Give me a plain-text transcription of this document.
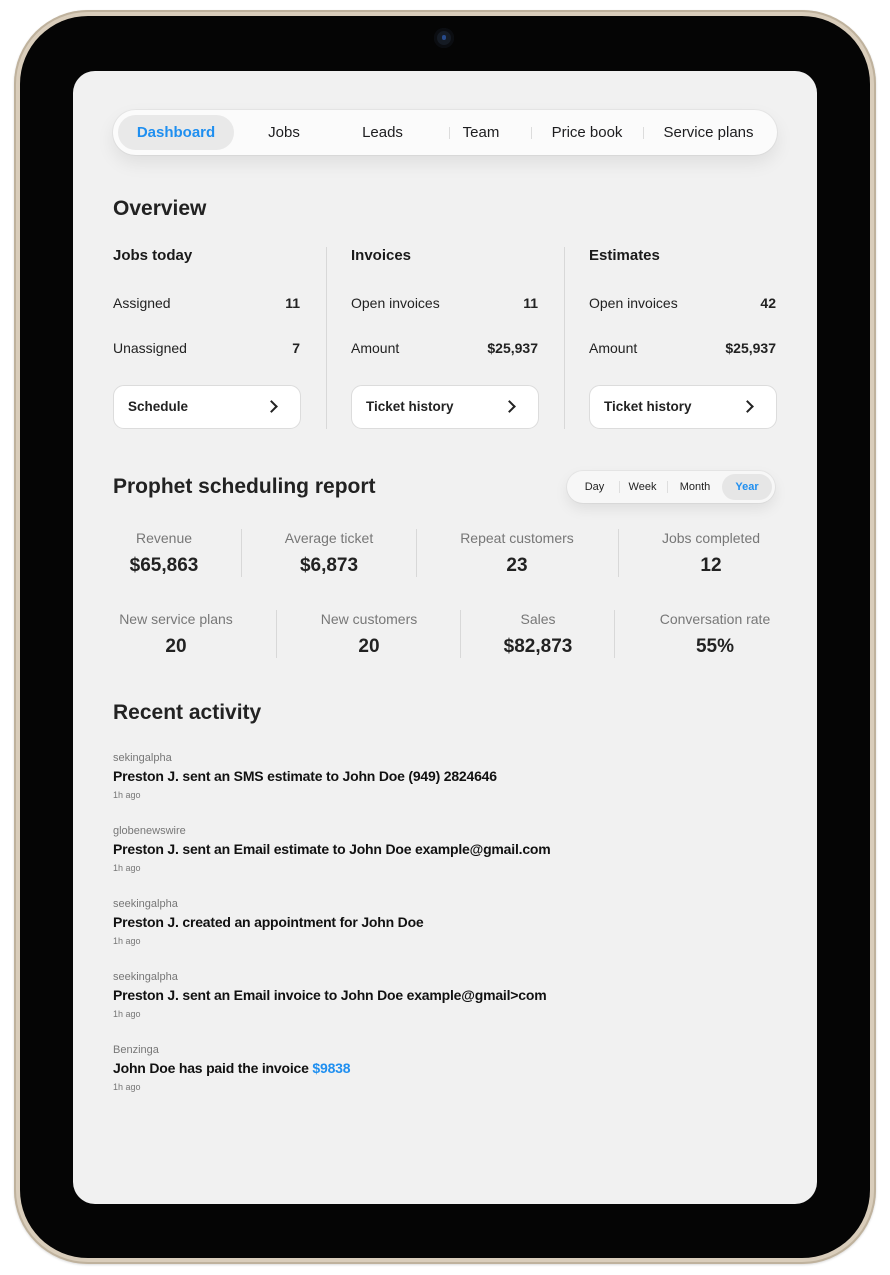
Dashboard	Jobs	Leads	Team	Price book	Service plans
Overview
Jobs today
Assigned	11
Unassigned	7
Schedule
Invoices
Open invoices	11
Amount	$25,937
Ticket history
Estimates
Open invoices	42
Amount	$25,937
Ticket history
Prophet scheduling report	Day	Week	Month	Year
Revenue
$65,863
Average ticket
$6,873
Repeat customers
23
Jobs completed
12
New service plans
20
New customers
20
Sales
$82,873
Conversation rate
55%
Recent activity
sekingalpha
Preston J. sent an SMS estimate to John Doe (949) 2824646
1h ago
globenewswire
Preston J. sent an Email estimate to John Doe example@gmail.com
1h ago
seekingalpha
Preston J. created an appointment for John Doe
1h ago
seekingalpha
Preston J. sent an Email invoice to John Doe example@gmail>com
1h ago
Benzinga
John Doe has paid the invoice $9838
1h ago
